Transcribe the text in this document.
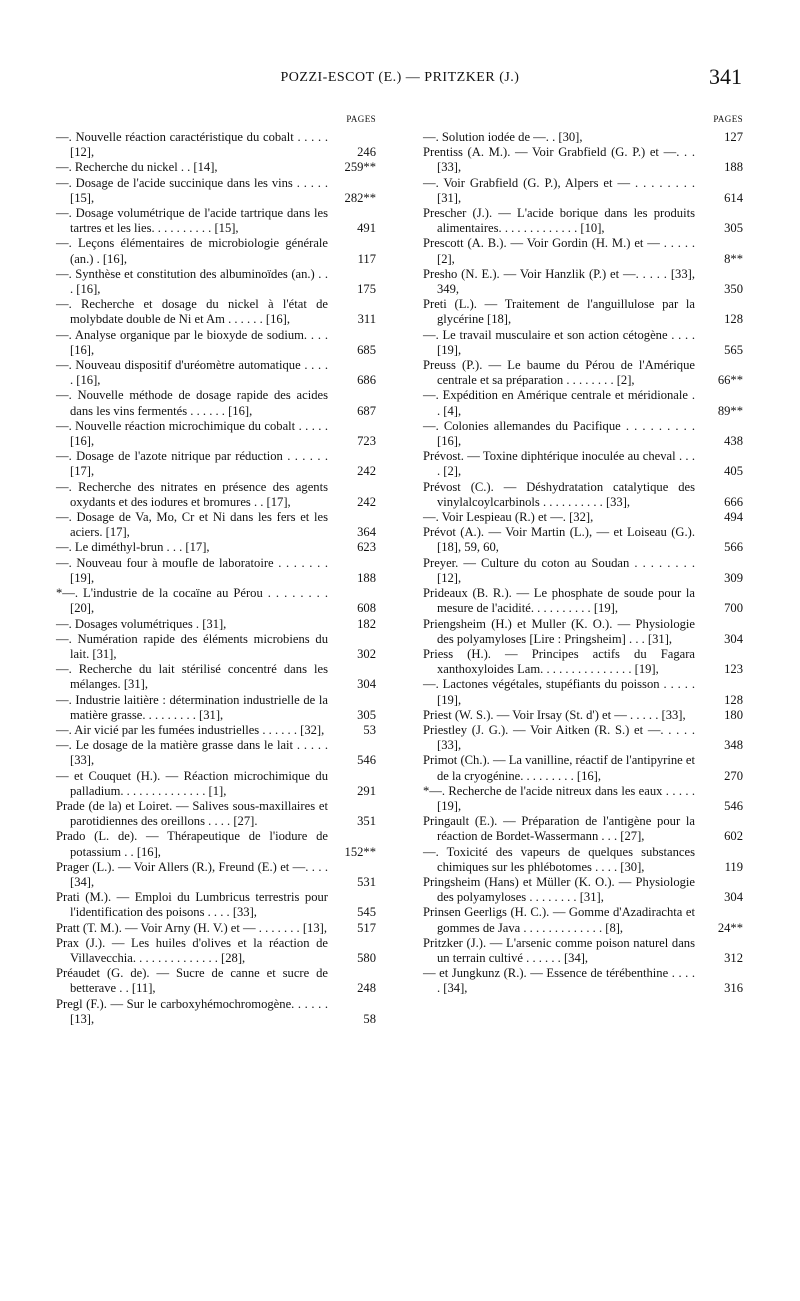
POZZI-ESCOT (E.) — PRITZKER (J.)	341
PAGES
—. Nouvelle réaction caractéristique du cobalt . . . . . [12],	246
—. Recherche du nickel . . [14],	259**
—. Dosage de l'acide succinique dans les vins . . . . . [15],	282**
—. Dosage volumétrique de l'acide tartrique dans les tartres et les lies. . . . . . . . . . [15],	491
—. Leçons élémentaires de microbiologie générale (an.) . [16],	117
—. Synthèse et constitution des albuminoïdes (an.) . . . [16],	175
—. Recherche et dosage du nickel à l'état de molybdate double de Ni et Am . . . . . . [16],	311
—. Analyse organique par le bioxyde de sodium. . . . [16],	685
—. Nouveau dispositif d'uréomètre automatique . . . . . [16],	686
—. Nouvelle méthode de dosage rapide des acides dans les vins fermentés . . . . . . [16],	687
—. Nouvelle réaction microchimique du cobalt . . . . . [16],	723
—. Dosage de l'azote nitrique par réduction . . . . . . [17],	242
—. Recherche des nitrates en présence des agents oxydants et des iodures et bromures . . [17],	242
—. Dosage de Va, Mo, Cr et Ni dans les fers et les aciers. [17],	364
—. Le diméthyl-brun . . . [17],	623
—. Nouveau four à moufle de laboratoire . . . . . . . [19],	188
*—. L'industrie de la cocaïne au Pérou . . . . . . . . [20],	608
—. Dosages volumétriques . [31],	182
—. Numération rapide des éléments microbiens du lait. [31],	302
—. Recherche du lait stérilisé concentré dans les mélanges. [31],	304
—. Industrie laitière : détermination industrielle de la matière grasse. . . . . . . . . [31],	305
—. Air vicié par les fumées industrielles . . . . . . [32],	53
—. Le dosage de la matière grasse dans le lait . . . . . [33],	546
— et Couquet (H.). — Réaction microchimique du palladium. . . . . . . . . . . . . . [1],	291
Prade (de la) et Loiret. — Salives sous-maxillaires et parotidiennes des oreillons . . . . [27].	351
Prado (L. de). — Thérapeutique de l'iodure de potassium . . [16],	152**
Prager (L.). — Voir Allers (R.), Freund (E.) et —. . . . [34],	531
Prati (M.). — Emploi du Lumbricus terrestris pour l'identification des poisons . . . . [33],	545
Pratt (T. M.). — Voir Arny (H. V.) et — . . . . . . . [13],	517
Prax (J.). — Les huiles d'olives et la réaction de Villavecchia. . . . . . . . . . . . . . [28],	580
Préaudet (G. de). — Sucre de canne et sucre de betterave . . [11],	248
Pregl (F.). — Sur le carboxyhémochromogène. . . . . . [13],	58
PAGES
—. Solution iodée de —. . [30],	127
Prentiss (A. M.). — Voir Grabfield (G. P.) et —. . . [33],	188
—. Voir Grabfield (G. P.), Alpers et — . . . . . . . . [31],	614
Prescher (J.). — L'acide borique dans les produits alimentaires. . . . . . . . . . . . . [10],	305
Prescott (A. B.). — Voir Gordin (H. M.) et — . . . . . [2],	8**
Presho (N. E.). — Voir Hanzlik (P.) et —. . . . . [33], 349,	350
Preti (L.). — Traitement de l'anguillulose par la glycérine [18],	128
—. Le travail musculaire et son action cétogène . . . . [19],	565
Preuss (P.). — Le baume du Pérou de l'Amérique centrale et sa préparation . . . . . . . . [2],	66**
—. Expédition en Amérique centrale et méridionale . . [4],	89**
—. Colonies allemandes du Pacifique . . . . . . . . . [16],	438
Prévost. — Toxine diphtérique inoculée au cheval . . . . [2],	405
Prévost (C.). — Déshydratation catalytique des vinylalcoylcarbinols . . . . . . . . . . [33],	666
—. Voir Lespieau (R.) et —. [32],	494
Prévot (A.). — Voir Martin (L.), — et Loiseau (G.). [18], 59, 60,	566
Preyer. — Culture du coton au Soudan . . . . . . . . [12],	309
Prideaux (B. R.). — Le phosphate de soude pour la mesure de l'acidité. . . . . . . . . . [19],	700
Priengsheim (H.) et Muller (K. O.). — Physiologie des polyamyloses [Lire : Pringsheim] . . . [31],	304
Priess (H.). — Principes actifs du Fagara xanthoxyloides Lam. . . . . . . . . . . . . . . [19],	123
—. Lactones végétales, stupéfiants du poisson . . . . . [19],	128
Priest (W. S.). — Voir Irsay (St. d') et — . . . . . [33],	180
Priestley (J. G.). — Voir Aitken (R. S.) et —. . . . . [33],	348
Primot (Ch.). — La vanilline, réactif de l'antipyrine et de la cryogénine. . . . . . . . . [16],	270
*—. Recherche de l'acide nitreux dans les eaux . . . . . [19],	546
Pringault (E.). — Préparation de l'antigène pour la réaction de Bordet-Wassermann . . . [27],	602
—. Toxicité des vapeurs de quelques substances chimiques sur les phlébotomes . . . . [30],	119
Pringsheim (Hans) et Müller (K. O.). — Physiologie des polyamyloses . . . . . . . . [31],	304
Prinsen Geerligs (H. C.). — Gomme d'Azadirachta et gommes de Java . . . . . . . . . . . . . [8],	24**
Pritzker (J.). — L'arsenic comme poison naturel dans un terrain cultivé . . . . . . [34],	312
— et Jungkunz (R.). — Essence de térébenthine . . . . . [34],	316
